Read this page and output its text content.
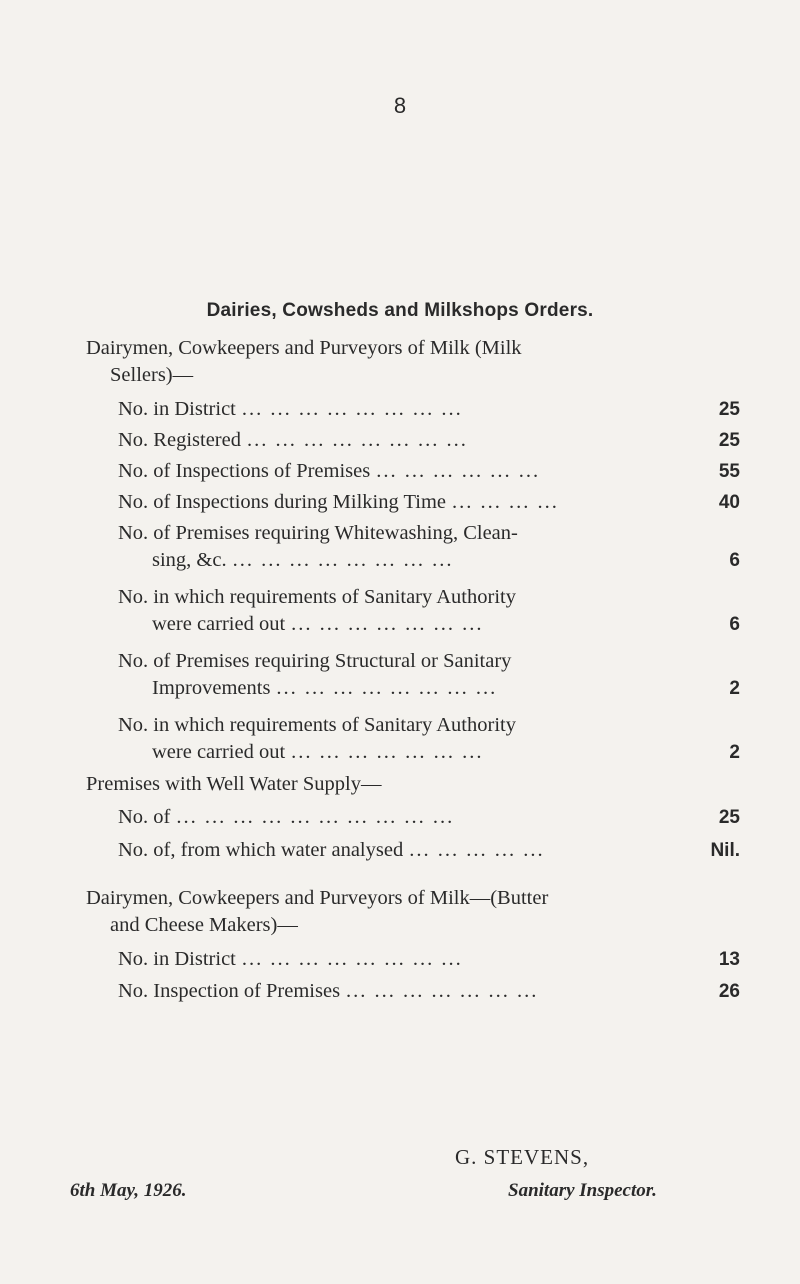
8
Dairies, Cowsheds and Milkshops Orders.
Dairymen, Cowkeepers and Purveyors of Milk (Milk
Sellers)—
No. in District ... ... ... ... ... ... ... ...	25
No. Registered ... ... ... ... ... ... ... ...	25
No. of Inspections of Premises ... ... ... ... ... ...	55
No. of Inspections during Milking Time ... ... ... ...	40
No. of Premises requiring Whitewashing, Clean-
sing, &c. ... ... ... ... ... ... ... ...	6
No. in which requirements of Sanitary Authority
were carried out ... ... ... ... ... ... ...	6
No. of Premises requiring Structural or Sanitary
Improvements ... ... ... ... ... ... ... ...	2
No. in which requirements of Sanitary Authority
were carried out ... ... ... ... ... ... ...	2
Premises with Well Water Supply—
No. of ... ... ... ... ... ... ... ... ... ...	25
No. of, from which water analysed ... ... ... ... ...	Nil.
Dairymen, Cowkeepers and Purveyors of Milk—(Butter
and Cheese Makers)—
No. in District ... ... ... ... ... ... ... ...	13
No. Inspection of Premises ... ... ... ... ... ... ...	26
G. STEVENS,
6th May, 1926.	Sanitary Inspector.
